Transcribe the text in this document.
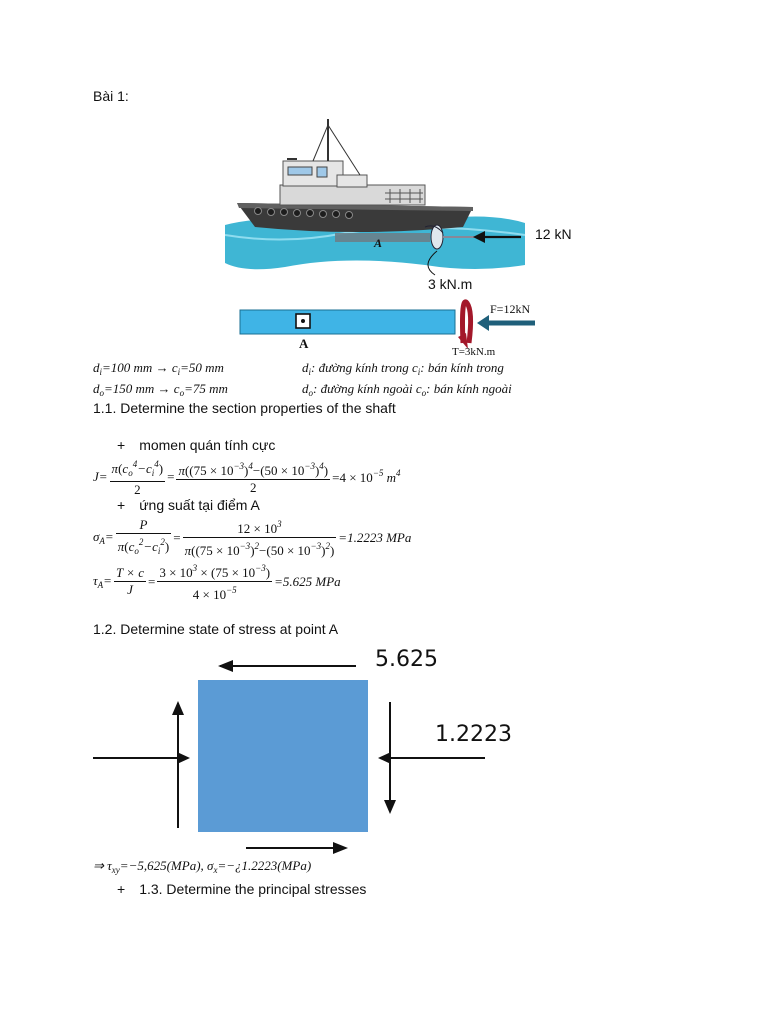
Bài 1:
A
12 kN
3 kN.m
A
F=12kN
T=3kN.m
$d_i=100$ mm → $c_i=50$ mm	$d_i$: đường kính trong $c_i$: bán kính trong
$d_o=150$ mm → $c_o=75$ mm	$d_o$: đường kính ngoài $c_o$: bán kính ngoài
1.1. Determine the section properties of the shaft
+ momen quán tính cực
$J= \frac{\pi(c_o^4-c_i^4)}{2} = \frac{\pi((75 \times 10^{-3})^4-(50 \times 10^{-3})^4)}{2} =4 \times 10^{-5}$ $m^4$
+ ứng suất tại điểm A
$\sigma_A= \frac{P}{\pi(c_o^2-c_i^2)} = \frac{12 \times 10^3}{\pi((75 \times 10^{-3})^2-(50 \times 10^{-3})^2)} =1.2223$ MPa
$\tau_A= \frac{T \times c}{J} = \frac{3 \times 10^3 \times (75 \times 10^{-3})}{4 \times 10^{-5}} =5.625$ MPa
1.2. Determine state of stress at point A
5.625
1.2223
⇒ $\tau_{xy}=-5,625(MPa)$, $\sigma_x=-¿1.2223(MPa)$
+ 1.3. Determine the principal stresses
